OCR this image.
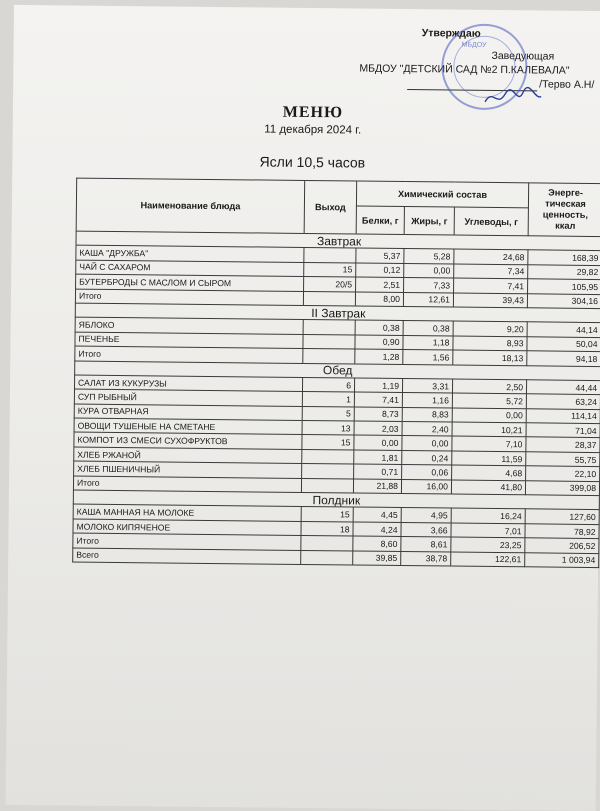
Утверждаю
Заведующая
МБДОУ "ДЕТСКИЙ САД №2 П.КАЛЕВАЛА"
/Терво А.Н/
МБДОУ
МЕНЮ
11 декабря 2024 г.
Ясли 10,5 часов
Наименование блюда	Выход	Химический состав			Энерге-тическая ценность, ккал
		Белки, г	Жиры, г	Углеводы, г	
Завтрак					
КАША "ДРУЖБА"		5,37	5,28	24,68	168,39
ЧАЙ С САХАРОМ	15	0,12	0,00	7,34	29,82
БУТЕРБРОДЫ С МАСЛОМ И СЫРОМ	20/5	2,51	7,33	7,41	105,95
Итого		8,00	12,61	39,43	304,16
II Завтрак					
ЯБЛОКО		0,38	0,38	9,20	44,14
ПЕЧЕНЬЕ		0,90	1,18	8,93	50,04
Итого		1,28	1,56	18,13	94,18
Обед					
САЛАТ ИЗ КУКУРУЗЫ	6	1,19	3,31	2,50	44,44
СУП РЫБНЫЙ	1	7,41	1,16	5,72	63,24
КУРА ОТВАРНАЯ	5	8,73	8,83	0,00	114,14
ОВОЩИ ТУШЕНЫЕ НА СМЕТАНЕ	13	2,03	2,40	10,21	71,04
КОМПОТ ИЗ СМЕСИ СУХОФРУКТОВ	15	0,00	0,00	7,10	28,37
ХЛЕБ РЖАНОЙ		1,81	0,24	11,59	55,75
ХЛЕБ ПШЕНИЧНЫЙ		0,71	0,06	4,68	22,10
Итого		21,88	16,00	41,80	399,08
Полдник					
КАША МАННАЯ НА МОЛОКЕ	15	4,45	4,95	16,24	127,60
МОЛОКО КИПЯЧЕНОЕ	18	4,24	3,66	7,01	78,92
Итого		8,60	8,61	23,25	206,52
Всего		39,85	38,78	122,61	1 003,94
